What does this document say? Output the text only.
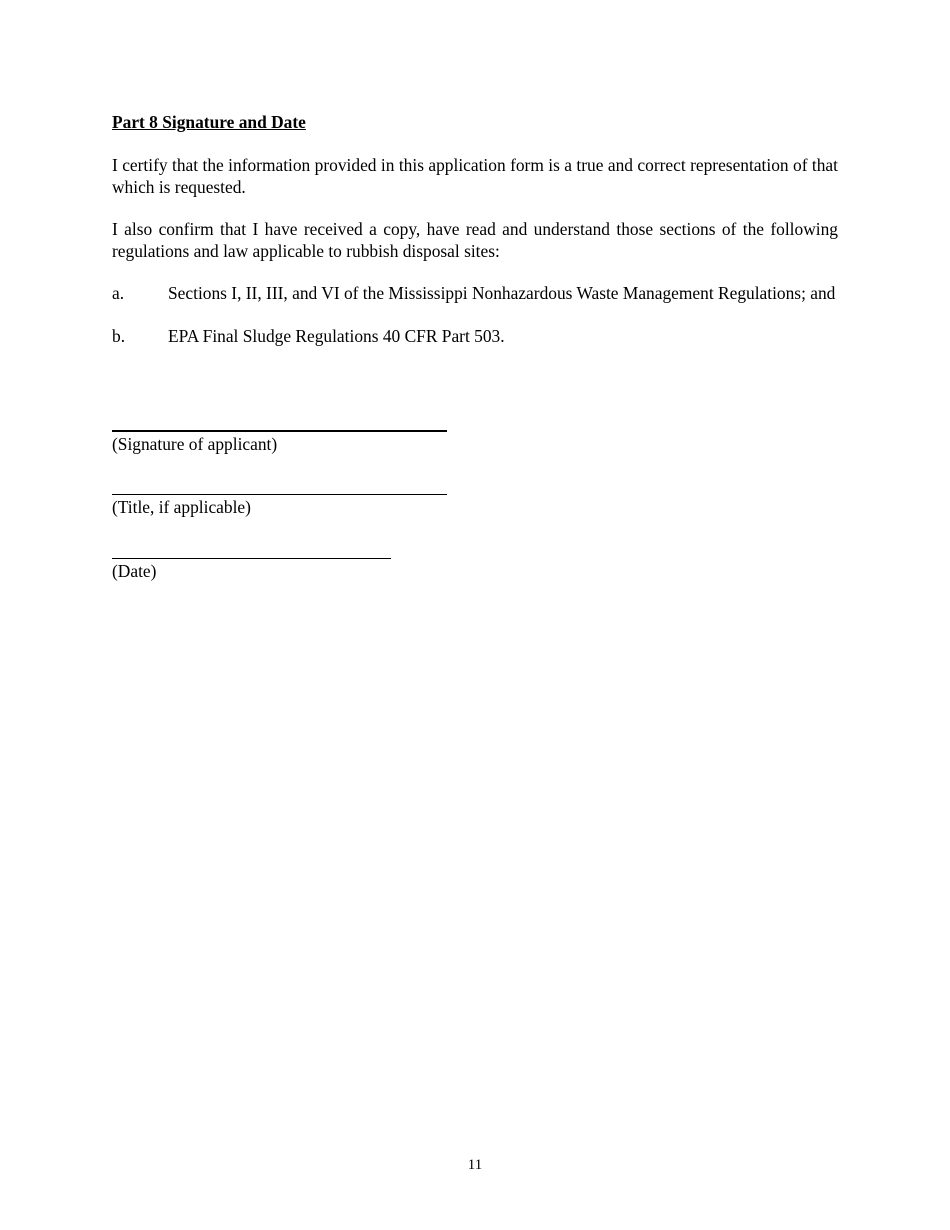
Part 8 Signature and Date

I certify that the information provided in this application form is a true and correct representation of that which is requested.

I also confirm that I have received a copy, have read and understand those sections of the following regulations and law applicable to rubbish disposal sites:

a.	Sections I, II, III, and VI of the Mississippi Nonhazardous Waste Management Regulations; and
b.	EPA Final Sludge Regulations 40 CFR Part 503.
(Signature of applicant)
(Title, if applicable)
(Date)
11
